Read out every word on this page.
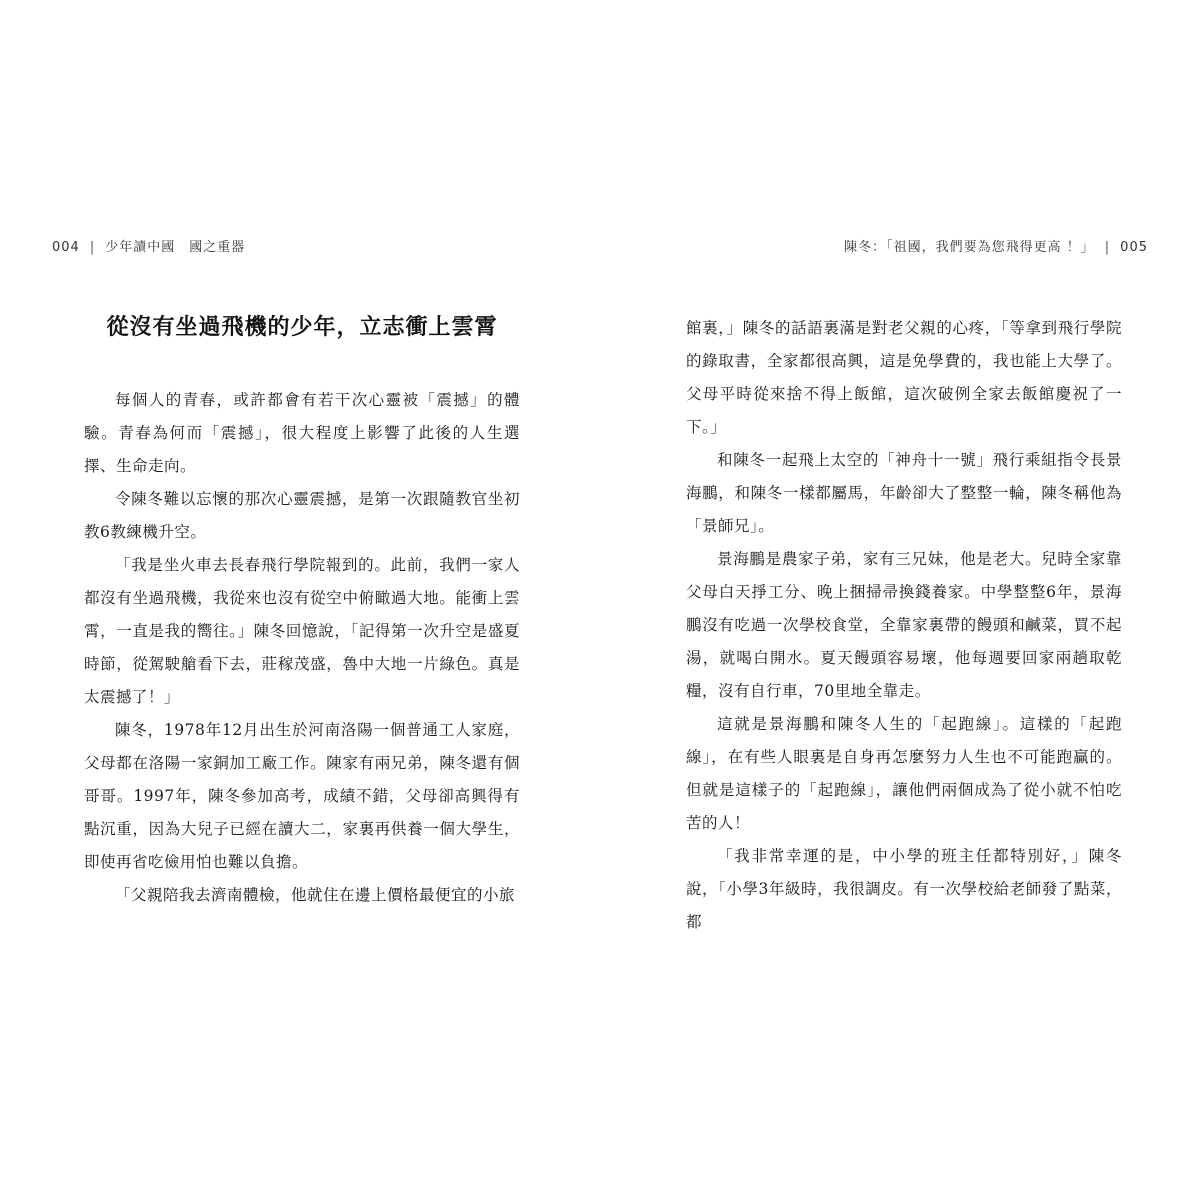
004 | 少年讀中國 國之重器	陳冬：「祖國，我們要為您飛得更高 ！」 | 005
從沒有坐過飛機的少年，立志衝上雲霄

每個人的青春，或許都會有若干次心靈被「震撼」的體驗。青春為何而「震撼」，很大程度上影響了此後的人生選擇、生命走向。

令陳冬難以忘懷的那次心靈震撼，是第一次跟隨教官坐初教6教練機升空。

「我是坐火車去長春飛行學院報到的。此前，我們一家人都沒有坐過飛機，我從來也沒有從空中俯瞰過大地。能衝上雲霄，一直是我的嚮往。」陳冬回憶說，「記得第一次升空是盛夏時節，從駕駛艙看下去，莊稼茂盛，魯中大地一片綠色。真是太震撼了！」

陳冬，1978年12月出生於河南洛陽一個普通工人家庭，父母都在洛陽一家銅加工廠工作。陳家有兩兄弟，陳冬還有個哥哥。1997年，陳冬參加高考，成績不錯，父母卻高興得有點沉重，因為大兒子已經在讀大二，家裏再供養一個大學生，即使再省吃儉用怕也難以負擔。

「父親陪我去濟南體檢，他就住在邊上價格最便宜的小旅

館裏，」陳冬的話語裏滿是對老父親的心疼，「等拿到飛行學院的錄取書，全家都很高興，這是免學費的，我也能上大學了。父母平時從來捨不得上飯館，這次破例全家去飯館慶祝了一下。」

和陳冬一起飛上太空的「神舟十一號」飛行乘組指令長景海鵬，和陳冬一樣都屬馬，年齡卻大了整整一輪，陳冬稱他為「景師兄」。

景海鵬是農家子弟，家有三兄妹，他是老大。兒時全家靠父母白天掙工分、晚上捆掃帚換錢養家。中學整整6年，景海鵬沒有吃過一次學校食堂，全靠家裏帶的饅頭和鹹菜，買不起湯，就喝白開水。夏天饅頭容易壞，他每週要回家兩趟取乾糧，沒有自行車，70里地全靠走。

這就是景海鵬和陳冬人生的「起跑線」。這樣的「起跑線」，在有些人眼裏是自身再怎麼努力人生也不可能跑贏的。但就是這樣子的「起跑線」，讓他們兩個成為了從小就不怕吃苦的人！

「我非常幸運的是，中小學的班主任都特別好，」陳冬說，「小學3年級時，我很調皮。有一次學校給老師發了點菜，都
